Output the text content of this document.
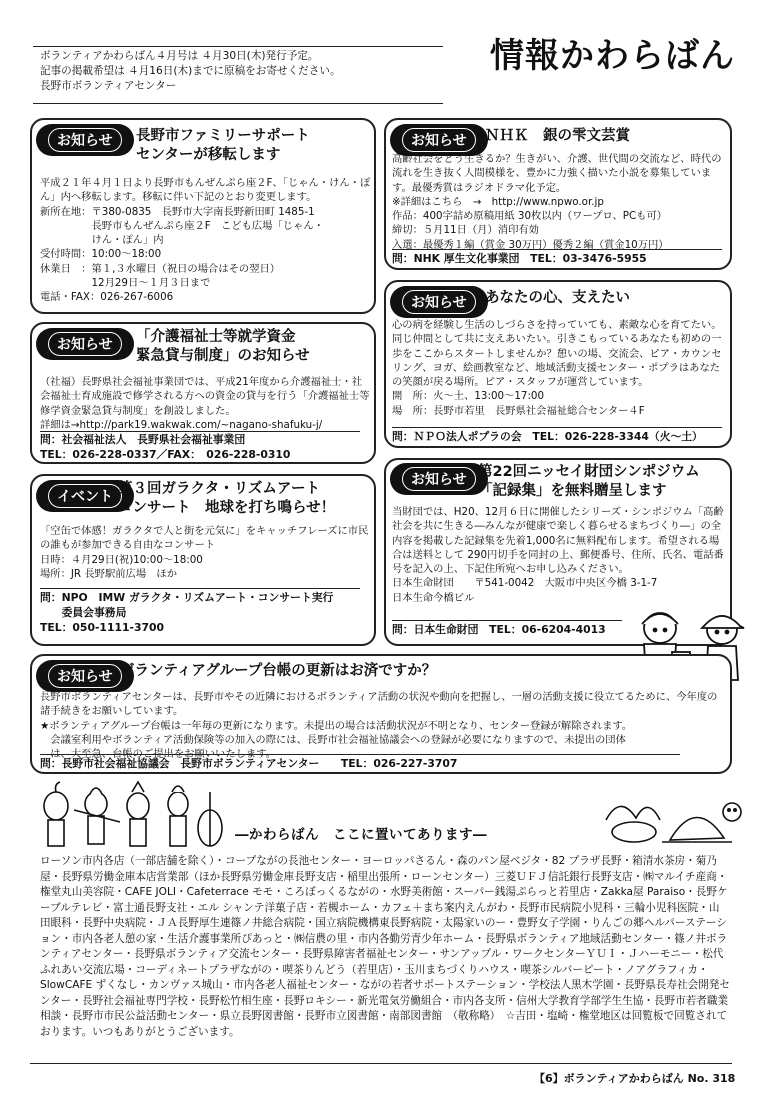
ボランティアかわらばん４月号は ４月30日(木)発行予定。
記事の掲載希望は ４月16日(木)までに原稿をお寄せください。
長野市ボランティアセンター
情報かわらばん
お知らせ	長野市ファミリーサポート
センターが移転します
平成２１年４月１日より長野市もんぜんぷら座２F、「じゃん・けん・ぽん」内へ移転します。移転に伴い下記のとおり変更します。
新所在地：〒380-0835　長野市大字南長野新田町 1485-1
　　　　　長野市もんぜんぷら座２F　こども広場「じゃん・
　　　　　けん・ぽん」内
受付時間：10:00～18:00
休業日　：第１,３水曜日（祝日の場合はその翌日）
　　　　　12月29日～１月３日まで
電話・FAX：026-267-6006
お知らせ	「介護福祉士等就学資金
緊急貸与制度」のお知らせ
（社福）長野県社会福祉事業団では、平成21年度から介護福祉士・社会福祉士育成施設で修学される方への資金の貸与を行う「介護福祉士等修学資金緊急貸与制度」を創設しました。
詳細は→http://park19.wakwak.com/~nagano-shafuku-j/
問：社会福祉法人　長野県社会福祉事業団
TEL：026-228-0337／FAX：　026-228-0310
イベント 第３回ガラクタ・リズムアート
コンサート　地球を打ち鳴らせ！
「空缶で体感！ガラクタで人と街を元気に」をキャッチフレーズに市民の誰もが参加できる自由なコンサート
日時：４月29日(祝)10:00～18:00
場所：JR 長野駅前広場　ほか
問：NPO　IMW ガラクタ・リズムアート・コンサート実行
　　委員会事務局
TEL：050-1111-3700
お知らせ	ＮＨＫ　銀の雫文芸賞
高齢社会をどう生きるか？生きがい、介護、世代間の交流など、時代の流れを生き抜く人間模様を、豊かに力強く描いた小説を募集しています。最優秀賞はラジオドラマ化予定。
※詳細はこちら　→　http://www.npwo.or.jp
作品：400字詰め原稿用紙 30枚以内（ワープロ、PCも可）
締切：５月11日（月）消印有効
入選：最優秀１編（賞金 30万円）優秀２編（賞金10万円）
問：NHK 厚生文化事業団　TEL：03-3476-5955
お知らせ	あなたの心、支えたい
心の病を経験し生活のしづらさを持っていても、素敵な心を育てたい。同じ仲間として共に支えあいたい。引きこもっているあなたも初めの一歩をここからスタートしませんか？憩いの場、交流会、ピア・カウンセリング、ヨガ、絵画教室など、地域活動支援センター・ポプラはあなたの笑顔が戻る場所。ピア・スタッフが運営しています。
開　所：火～土、13:00～17:00
場　所：長野市若里　長野県社会福祉総合センター４F
問：ＮＰＯ法人ポプラの会　TEL：026-228-3344（火～土）
お知らせ 第22回ニッセイ財団シンポジウム
「記録集」を無料贈呈します
当財団では、H20、12月６日に開催したシリーズ・シンポジウム「高齢社会を共に生きる―みんなが健康で楽しく暮らせるまちづくり―」の全内容を掲載した記録集を先着1,000名に無料配布します。希望される場合は送料として 290円切手を同封の上、郵便番号、住所、氏名、電話番号を記入の上、下記住所宛へお申し込みください。
日本生命財団　　〒541-0042　大阪市中央区今橋 3-1-7
日本生命今橋ビル
問：日本生命財団　TEL：06-6204-4013
お知らせ ボランティアグループ台帳の更新はお済ですか？
長野市ボランティアセンターは、長野市やその近隣におけるボランティア活動の状況や動向を把握し、一層の活動支援に役立てるために、今年度の諸手続きをお願いしています。
★ボランティアグループ台帳は一年毎の更新になります。未提出の場合は活動状況が不明となり、センター登録が解除されます。
　会議室利用やボランティア活動保険等の加入の際には、長野市社会福祉協議会への登録が必要になりますので、未提出の団体
　は、大至急、台帳のご提出をお願いいたします。
問：長野市社会福祉協議会　長野市ボランティアセンター　　TEL：026-227-3707
―かわらばん　ここに置いてあります―
ローソン市内各店（一部店舗を除く）・コープながの長池センター・ヨーロッパさるん・森のパン屋ベジタ・82 プラザ長野・箱清水茶房・菊乃屋・長野県労働金庫本店営業部（ほか長野県労働金庫長野支店・稲里出張所・ローンセンター）三菱ＵＦＪ信託銀行長野支店・㈱マルイチ産商・権堂丸山美容院・CAFE JOLI・Cafeterrace モモ・ころぼっくるながの・水野美術館・スーパー銭湯ぷらっと若里店・Zakka屋 Paraiso・長野ケーブルテレビ・富士通長野支社・エル シャンテ洋菓子店・若槻ホーム・カフェ＋まち案内えんがわ・長野市民病院小児科・三輪小児科医院・山田眼科・長野中央病院・ＪＡ長野厚生連篠ノ井総合病院・国立病院機構東長野病院・太陽家いのー・豊野女子学園・りんごの郷ヘルパーステーション・市内各老人憩の家・生活介護事業所ぴあっと・㈱信農の里・市内各勤労青少年ホーム・長野県ボランティア地域活動センター・篠ノ井ボランティアセンター・長野県ボランティア交流センター・長野県障害者福祉センター・サンアップル・ワークセンターＹＵＩ・Ｊハーモニー・松代ふれあい交流広場・コーディネートプラザながの・喫茶りんどう（若里店）・玉川まちづくりハウス・喫茶シルバーピート・ノアグラフィカ・SlowCAFE ずくなし・カンヴァス城山・市内各老人福祉センター・ながの若者サポートステーション・学校法人黒木学園・長野県長寿社会開発センター・長野社会福祉専門学校・長野松竹相生座・長野ロキシー・新光電気労働組合・市内各支所・信州大学教育学部学生生協・長野市若者職業相談・長野市市民公益活動センター・県立長野図書館・長野市立図書館・南部図書館　（敬称略）　☆吉田・塩崎・権堂地区は回覧板で回覧されております。いつもありがとうございます。
【6】ボランティアかわらばん No. 318
